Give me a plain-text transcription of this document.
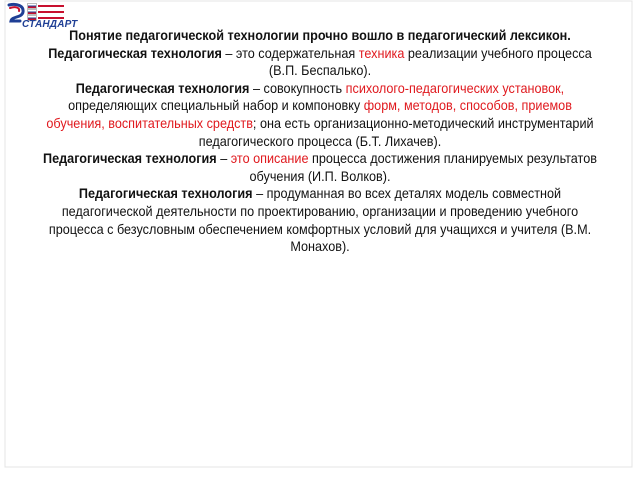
СТАНДАРТ

Понятие педагогической технологии прочно вошло в педагогический лексикон.

Педагогическая технология – это содержательная техника реализации учебного процесса (В.П. Беспалько).

Педагогическая технология – совокупность психолого-педагогических установок, определяющих специальный набор и компоновку форм, методов, способов, приемов обучения, воспитательных средств; она есть организационно-методический инструментарий педагогического процесса (Б.Т. Лихачев).

Педагогическая технология – это описание процесса достижения планируемых результатов обучения (И.П. Волков).

Педагогическая технология – продуманная во всех деталях модель совместной педагогической деятельности по проектированию, организации и проведению учебного процесса с безусловным обеспечением комфортных условий для учащихся и учителя (В.М. Монахов).
